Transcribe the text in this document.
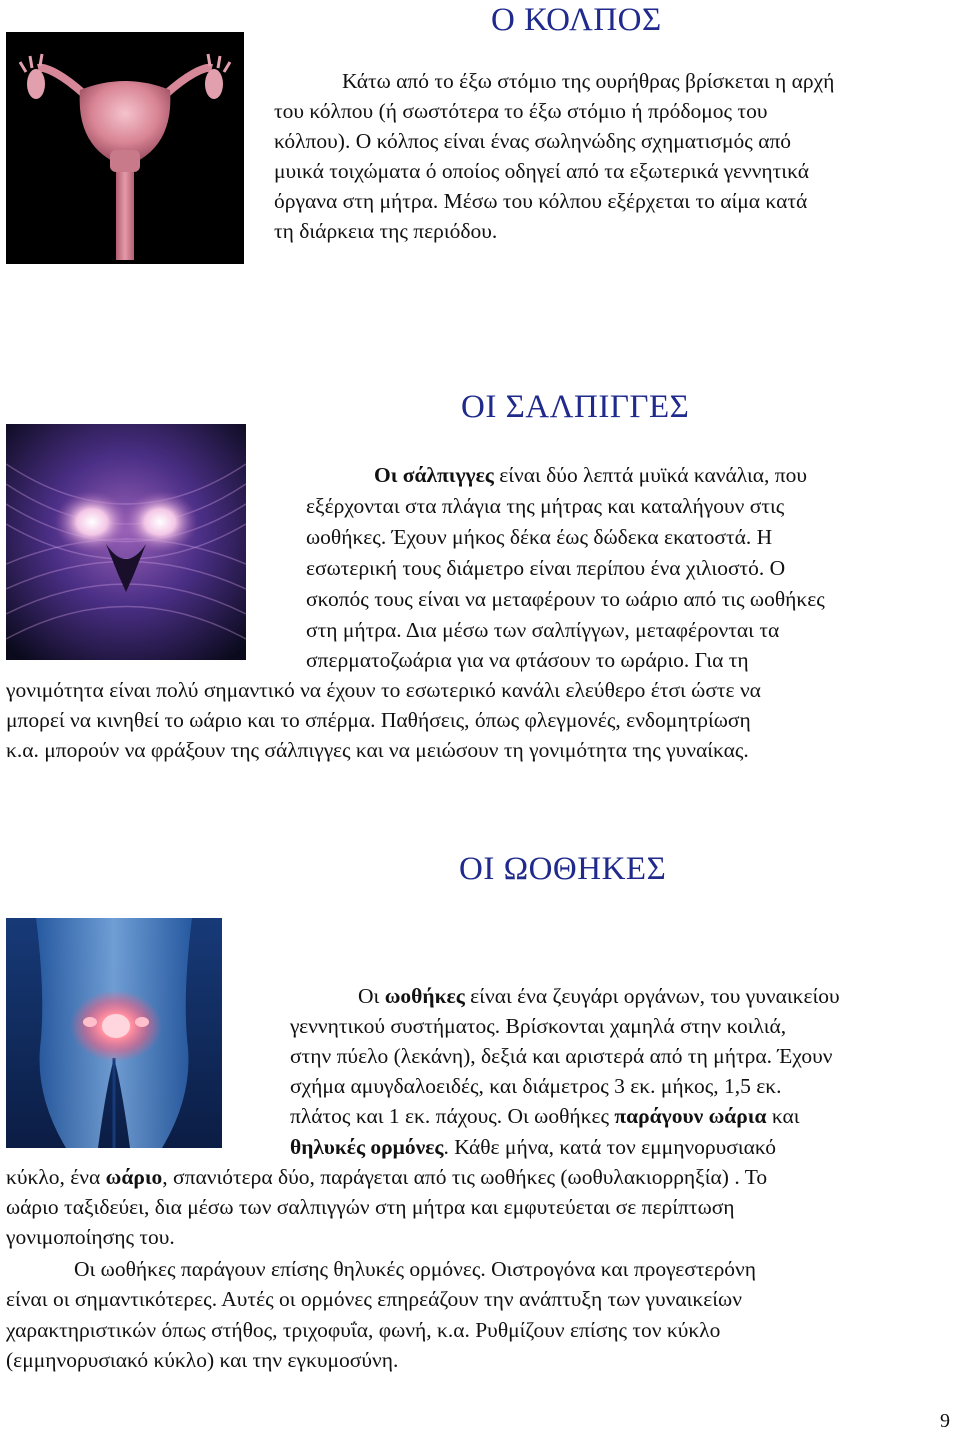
Ο ΚΟΛΠΟΣ

Κάτω από το έξω στόμιο της ουρήθρας βρίσκεται η αρχή

του κόλπου (ή σωστότερα το έξω στόμιο ή πρόδομος του

κόλπου). Ο κόλπος είναι ένας σωληνώδης σχηματισμός από

μυικά τοιχώματα ό οποίος οδηγεί από τα εξωτερικά γεννητικά

όργανα στη μήτρα. Μέσω του κόλπου εξέρχεται το αίμα κατά

τη διάρκεια της περιόδου.

ΟΙ ΣΑΛΠΙΓΓΕΣ

Οι σάλπιγγες είναι δύο λεπτά μυϊκά κανάλια, που

εξέρχονται στα πλάγια της μήτρας και καταλήγουν στις

ωοθήκες. Έχουν μήκος δέκα έως δώδεκα εκατοστά. Η

εσωτερική τους διάμετρο είναι περίπου ένα χιλιοστό. Ο

σκοπός τους είναι να μεταφέρουν το ωάριο από τις ωοθήκες

στη μήτρα. Δια μέσω των σαλπίγγων, μεταφέρονται τα

σπερματοζωάρια για να φτάσουν το ωράριο. Για τη

γονιμότητα είναι πολύ σημαντικό να έχουν το εσωτερικό κανάλι ελεύθερο έτσι ώστε να

μπορεί να κινηθεί το ωάριο και το σπέρμα. Παθήσεις, όπως φλεγμονές, ενδομητρίωση

κ.α. μπορούν να φράξουν της σάλπιγγες και να μειώσουν τη γονιμότητα της γυναίκας.

ΟΙ ΩΟΘΗΚΕΣ

Οι ωοθήκες είναι ένα ζευγάρι οργάνων, του γυναικείου

γεννητικού συστήματος. Βρίσκονται χαμηλά στην κοιλιά,

στην πύελο (λεκάνη), δεξιά και αριστερά από τη μήτρα. Έχουν

σχήμα αμυγδαλοειδές, και διάμετρος 3 εκ. μήκος, 1,5 εκ.

πλάτος και 1 εκ. πάχους. Οι ωοθήκες παράγουν ωάρια και

θηλυκές ορμόνες. Κάθε μήνα, κατά τον εμμηνορυσιακό

κύκλο, ένα ωάριο, σπανιότερα δύο, παράγεται από τις ωοθήκες (ωοθυλακιορρηξία) . Το

ωάριο ταξιδεύει, δια μέσω των σαλπιγγών στη μήτρα και εμφυτεύεται σε περίπτωση

γονιμοποίησης του.

Οι ωοθήκες παράγουν επίσης θηλυκές ορμόνες. Οιστρογόνα και προγεστερόνη

είναι οι σημαντικότερες. Αυτές οι ορμόνες επηρεάζουν την ανάπτυξη των γυναικείων

χαρακτηριστικών όπως στήθος, τριχοφυΐα, φωνή, κ.α. Ρυθμίζουν επίσης τον κύκλο

(εμμηνορυσιακό κύκλο) και την εγκυμοσύνη.

9
